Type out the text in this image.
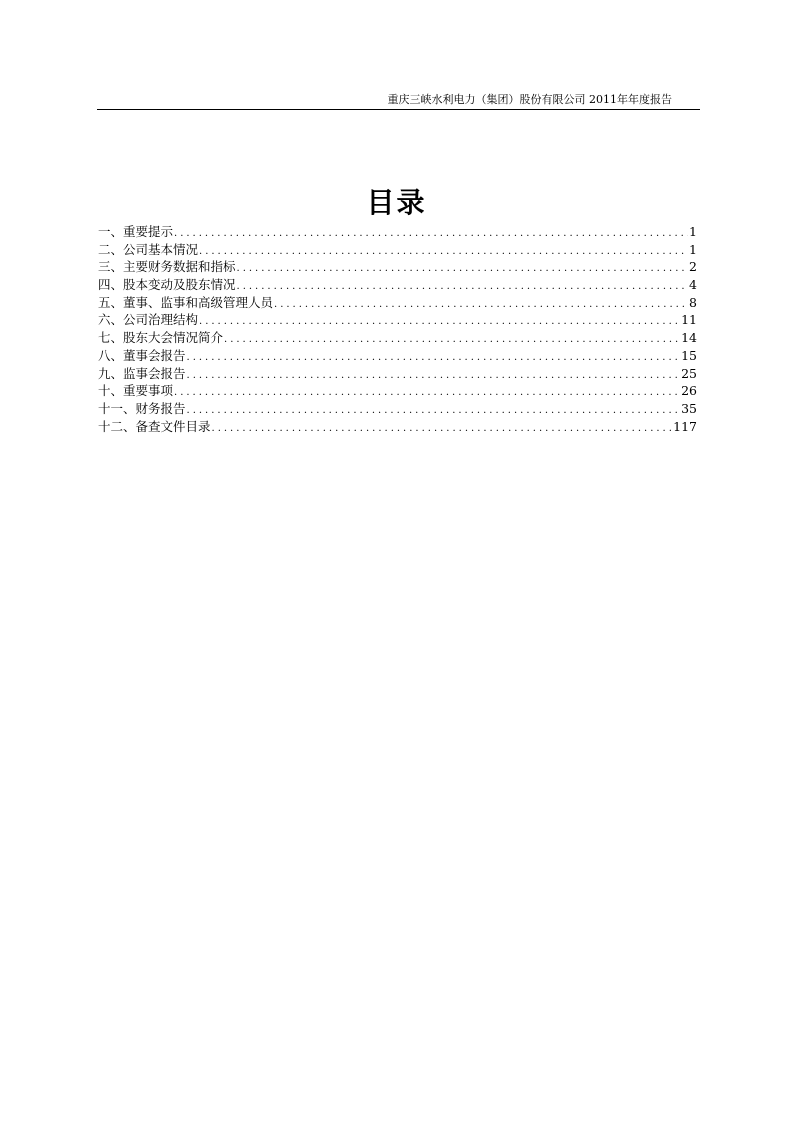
重庆三峡水利电力（集团）股份有限公司 2011年年度报告
目录
一、重要提示 .....	1
二、公司基本情况 .....	1
三、主要财务数据和指标 .....	2
四、股本变动及股东情况 .....	4
五、董事、监事和高级管理人员 .....	8
六、公司治理结构 .....	11
七、股东大会情况简介 .....	14
八、董事会报告 .....	15
九、监事会报告 .....	25
十、重要事项 .....	26
十一、财务报告 .....	35
十二、备查文件目录 .....	117
